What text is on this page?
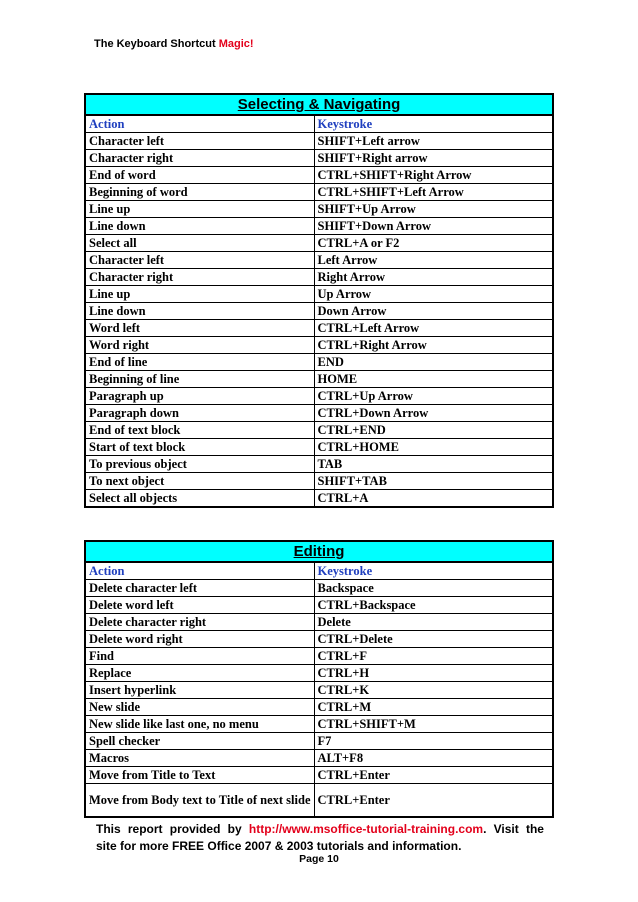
The Keyboard Shortcut Magic!
Selecting & Navigating	
Action	Keystroke
Character left	SHIFT+Left arrow
Character right	SHIFT+Right arrow
End of word	CTRL+SHIFT+Right Arrow
Beginning of word	CTRL+SHIFT+Left Arrow
Line up	SHIFT+Up Arrow
Line down	SHIFT+Down Arrow
Select all	CTRL+A or F2
Character left	Left Arrow
Character right	Right Arrow
Line up	Up Arrow
Line down	Down Arrow
Word left	CTRL+Left Arrow
Word right	CTRL+Right Arrow
End of line	END
Beginning of line	HOME
Paragraph up	CTRL+Up Arrow
Paragraph down	CTRL+Down Arrow
End of text block	CTRL+END
Start of text block	CTRL+HOME
To previous object	TAB
To next object	SHIFT+TAB
Select all objects	CTRL+A
Editing	
Action	Keystroke
Delete character left	Backspace
Delete word left	CTRL+Backspace
Delete character right	Delete
Delete word right	CTRL+Delete
Find	CTRL+F
Replace	CTRL+H
Insert hyperlink	CTRL+K
New slide	CTRL+M
New slide like last one, no menu	CTRL+SHIFT+M
Spell checker	F7
Macros	ALT+F8
Move from Title to Text	CTRL+Enter
Move from Body text to Title of next slide	CTRL+Enter
This report provided by http://www.msoffice-tutorial-training.com. Visit the site for more FREE Office 2007 & 2003 tutorials and information.
Page 10
